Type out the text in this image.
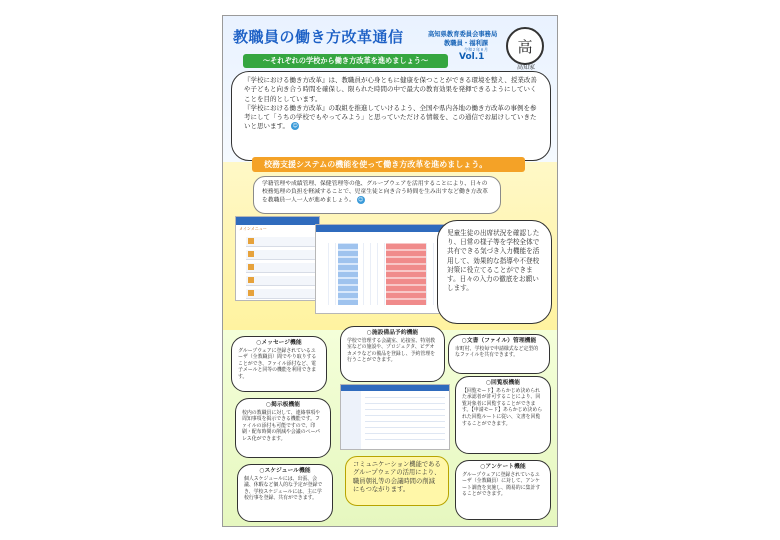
教職員の働き方改革通信	高知県教育委員会事務局
教職員・福利課
令和２年８月
Vol.1
高
高知家
〜それぞれの学校から働き方改革を進めましょう〜

『学校における働き方改革』は、教職員が心身ともに健康を保つことができる環境を整え、授業改善や子どもと向き合う時間を確保し、限られた時間の中で最大の教育効果を発揮できるようにしていくことを目的としています。

『学校における働き方改革』の取組を推進していけるよう、全国や県内各地の働き方改革の事例を参考にして「うちの学校でもやってみよう」と思っていただける情報を、この通信でお届けしていきたいと思います。 ☺

校務支援システムの機能を使って働き方改革を進めましょう。
学籍管理や成績管理、保健管理等の他、グループウェアを活用することにより、日々の校務処理の負担を軽減することで、児童生徒と向き合う時間を生み出すなど働き方改革を教職員一人一人が進めましょう。 ☺
メインメニュー
児童生徒の出席状況を確認したり、日常の様子等を学校全体で共有できる気づき入力機能を活用して、効果的な指導や不登校対策に役立てることができます。日々の入力の徹底をお願いします。
○メッセージ機能
グループウェアに登録されているユーザ（全教職員）間でやり取りすることができ、ファイル添付など、電子メールと同等の機能を利用できます。
○施設備品予約機能
学校で管理する会議室、応接室、特別教室などの施設や、プロジェクタ、ビデオカメラなどの備品を登録し、予約管理を行うことができます。
○文書（ファイル）管理機能
市町村、学校毎で申請様式など定型的なファイルを共有できます。
○掲示板機能
校内の教職員に対して、連絡事項や周知事項を掲示できる機能です。ファイルの添付も可能ですので、印刷・配布時間の削減や会議のペーパレス化ができます。
○回覧板機能
【回覧モード】あらかじめ決められた承認者が許可することにより、回覧対象者に回覧することができます。【申請モード】あらかじめ決められた回覧ルートに従い、文書を回覧することができます。
○スケジュール機能
個人スケジュールには、出張、会議、休暇など個人的な予定が登録でき、学校スケジュールには、主に学校行事を登録、共有ができます。
コミュニケーション機能であるグループウェアの活用により、職員朝礼等の会議時間の削減にもつながります。
○アンケート機能
グループウェアに登録されているユーザ（全教職員）に対して、アンケート調査を実施し、簡易的に集計することができます。
